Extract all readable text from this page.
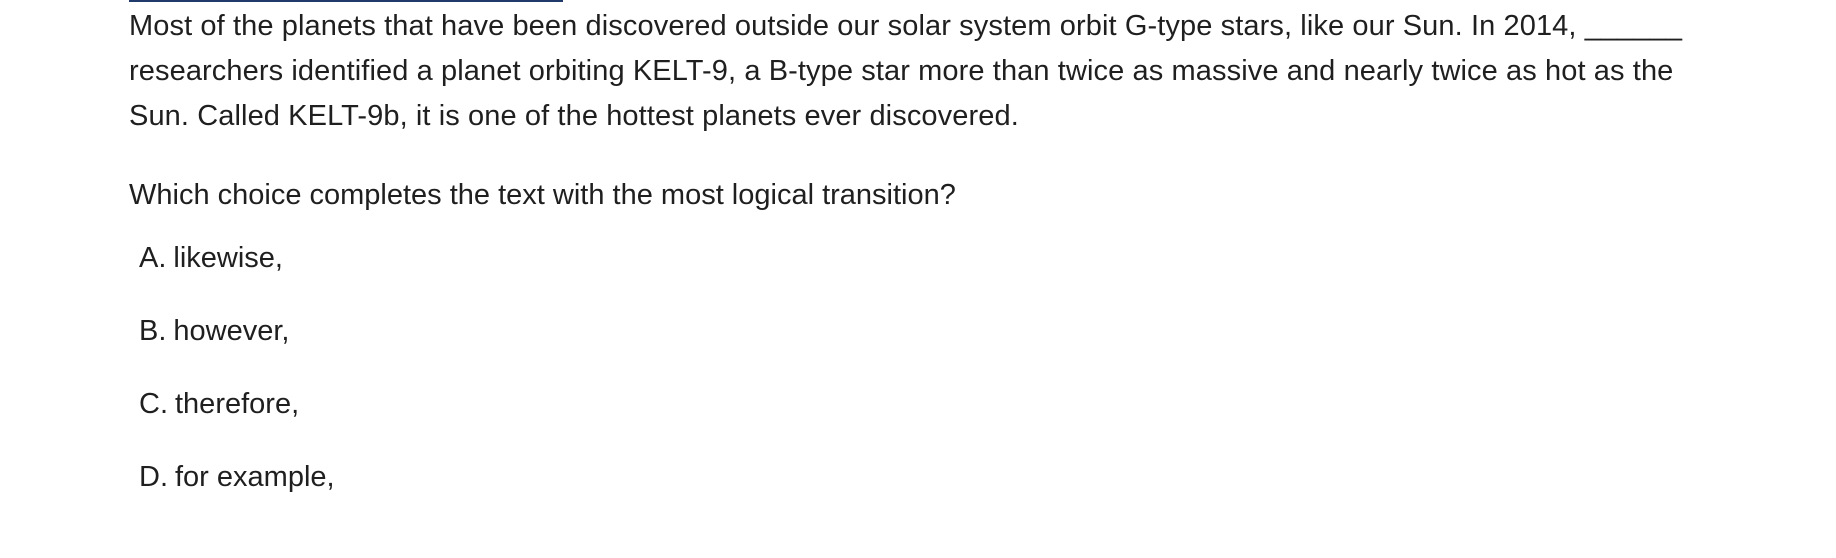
Most of the planets that have been discovered outside our solar system orbit G-type stars, like our Sun. In 2014, ______ researchers identified a planet orbiting KELT-9, a B-type star more than twice as massive and nearly twice as hot as the Sun. Called KELT-9b, it is one of the hottest planets ever discovered.

Which choice completes the text with the most logical transition?

A. likewise,
B. however,
C. therefore,
D. for example,
